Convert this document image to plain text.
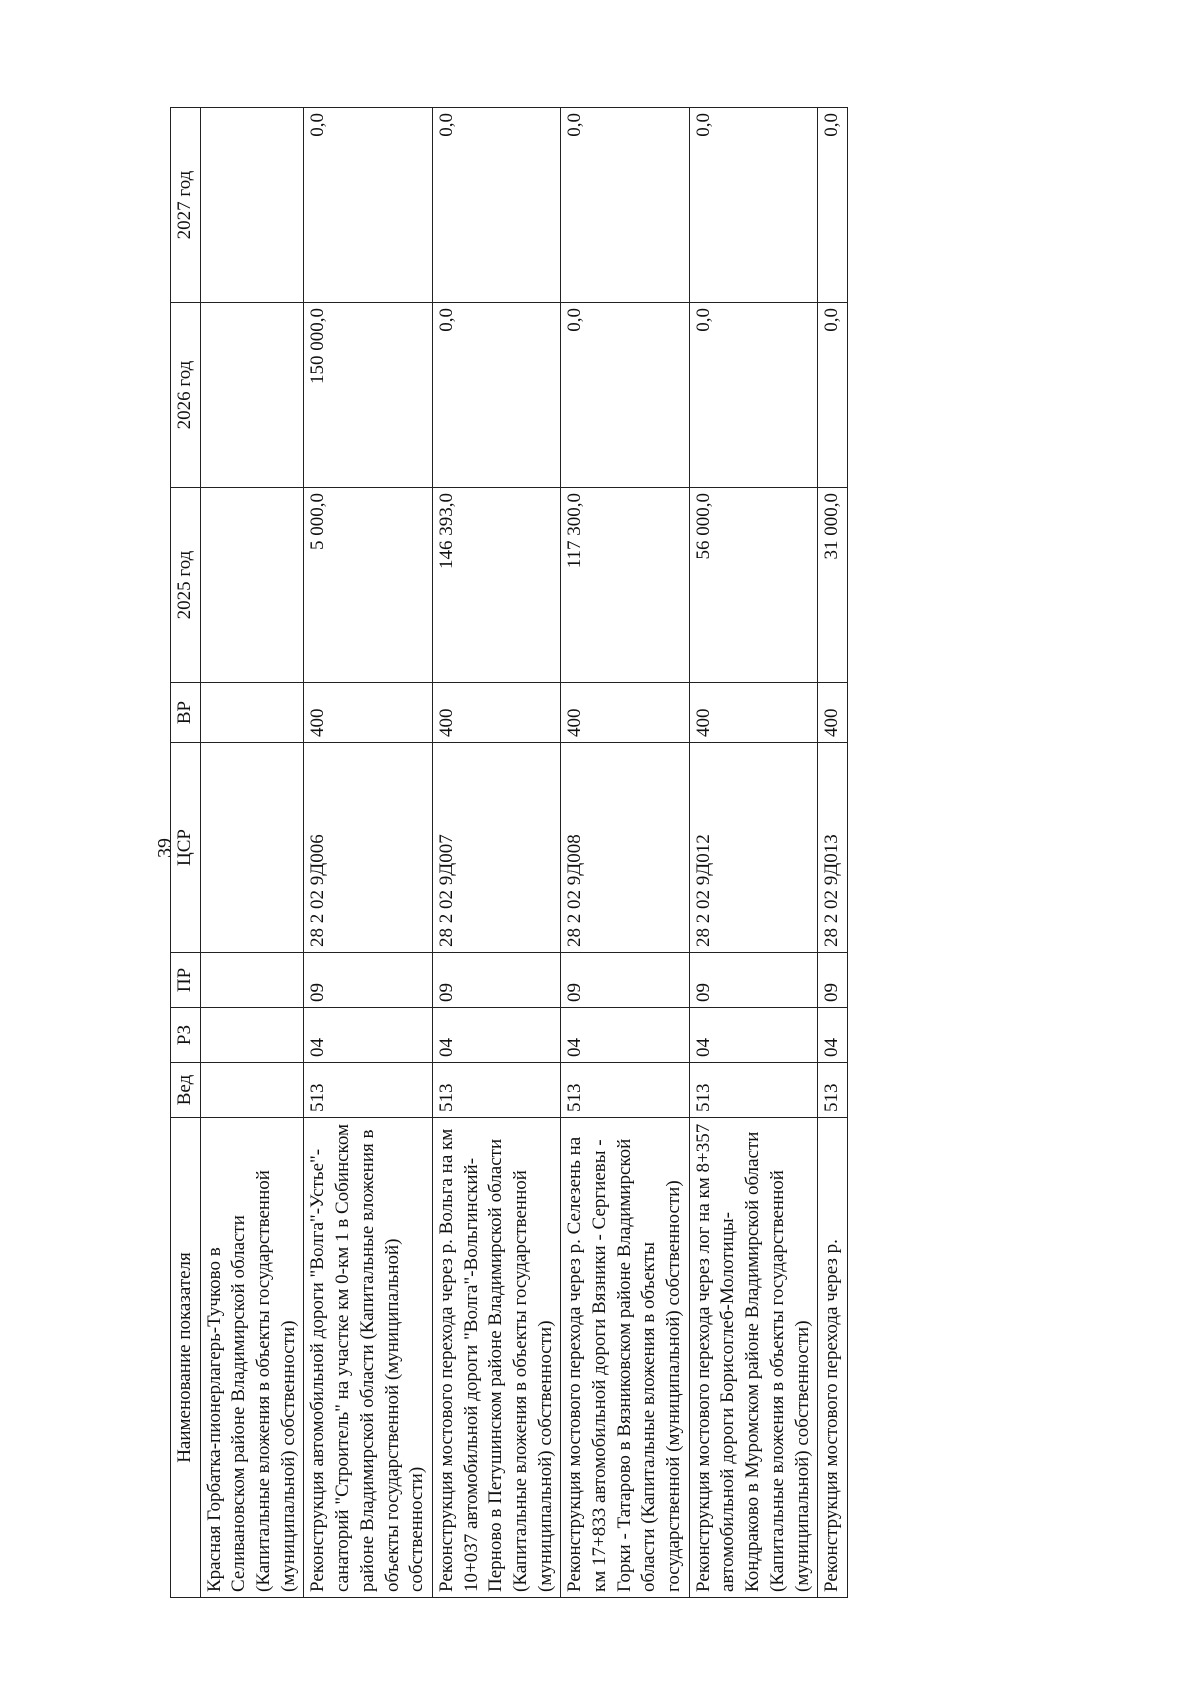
39
Наименование показателя	Вед	РЗ	ПР	ЦСР	ВР	2025 год	2026 год	2027 год
Красная Горбатка-пионерлагерь-Тучково в Селивановском районе Владимирской области (Капитальные вложения в объекты государственной (муниципальной) собственности)								
Реконструкция автомобильной дороги "Волга"-Устье"-санаторий "Строитель" на участке км 0-км 1 в Собинском районе Владимирской области (Капитальные вложения в объекты государственной (муниципальной) собственности)	513	04	09	28 2 02 9Д006	400	5 000,0	150 000,0	0,0
Реконструкция мостового перехода через р. Вольга на км 10+037 автомобильной дороги "Волга"-Вольгинский-Перново в Петушинском районе Владимирской области (Капитальные вложения в объекты государственной (муниципальной) собственности)	513	04	09	28 2 02 9Д007	400	146 393,0	0,0	0,0
Реконструкция мостового перехода через р. Селезень на км 17+833 автомобильной дороги Вязники - Сергиевы - Горки - Татарово в Вязниковском районе Владимирской области (Капитальные вложения в объекты государственной (муниципальной) собственности)	513	04	09	28 2 02 9Д008	400	117 300,0	0,0	0,0
Реконструкция мостового перехода через лог на км 8+357 автомобильной дороги Борисоглеб-Молотицы-Кондраково в Муромском районе Владимирской области (Капитальные вложения в объекты государственной (муниципальной) собственности)	513	04	09	28 2 02 9Д012	400	56 000,0	0,0	0,0
Реконструкция мостового перехода через р.	513	04	09	28 2 02 9Д013	400	31 000,0	0,0	0,0
